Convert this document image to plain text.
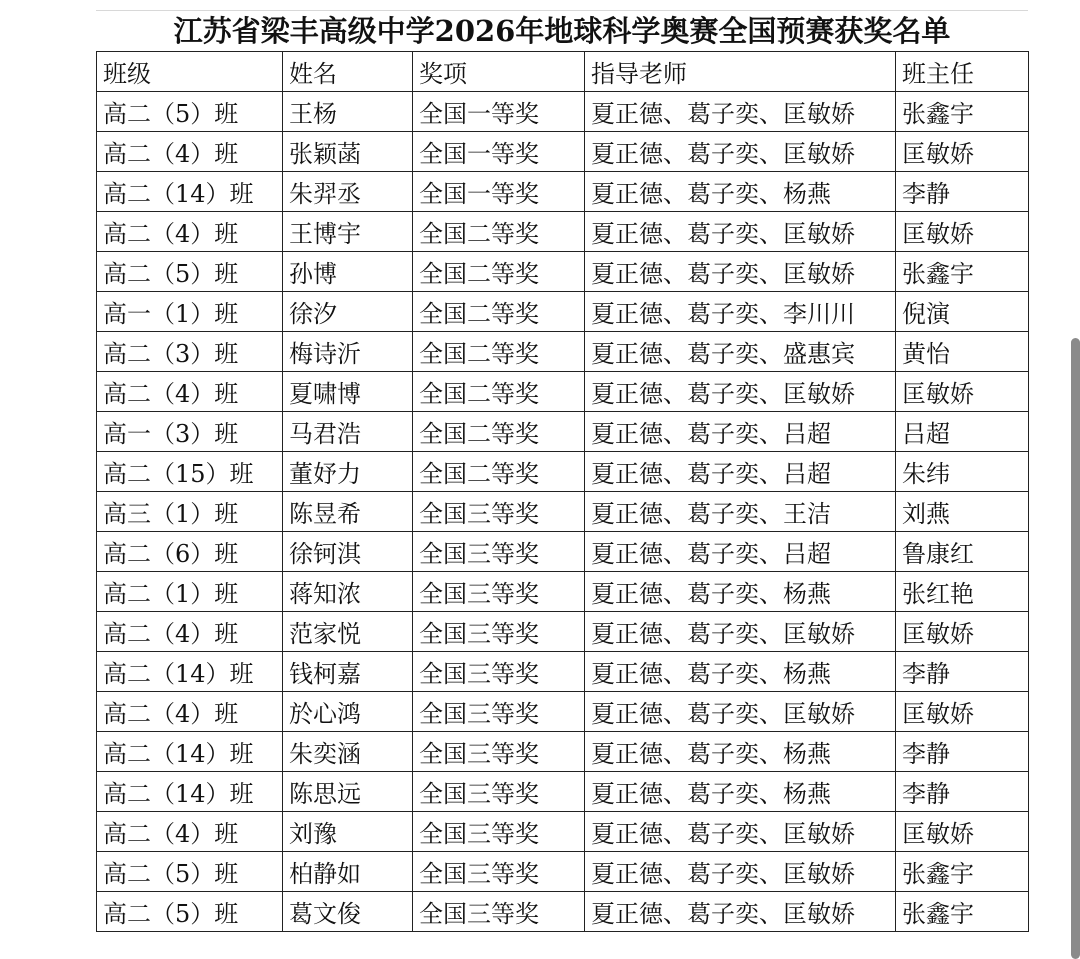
江苏省梁丰高级中学2026年地球科学奥赛全国预赛获奖名单
班级	姓名	奖项	指导老师	班主任
高二（5）班	王杨	全国一等奖	夏正德、葛子奕、匡敏娇	张鑫宇
高二（4）班	张颖菡	全国一等奖	夏正德、葛子奕、匡敏娇	匡敏娇
高二（14）班	朱羿丞	全国一等奖	夏正德、葛子奕、杨燕	李静
高二（4）班	王博宇	全国二等奖	夏正德、葛子奕、匡敏娇	匡敏娇
高二（5）班	孙博	全国二等奖	夏正德、葛子奕、匡敏娇	张鑫宇
高一（1）班	徐汐	全国二等奖	夏正德、葛子奕、李川川	倪演
高二（3）班	梅诗沂	全国二等奖	夏正德、葛子奕、盛惠宾	黄怡
高二（4）班	夏啸博	全国二等奖	夏正德、葛子奕、匡敏娇	匡敏娇
高一（3）班	马君浩	全国二等奖	夏正德、葛子奕、吕超	吕超
高二（15）班	董妤力	全国二等奖	夏正德、葛子奕、吕超	朱纬
高三（1）班	陈昱希	全国三等奖	夏正德、葛子奕、王洁	刘燕
高二（6）班	徐钶淇	全国三等奖	夏正德、葛子奕、吕超	鲁康红
高二（1）班	蒋知浓	全国三等奖	夏正德、葛子奕、杨燕	张红艳
高二（4）班	范家悦	全国三等奖	夏正德、葛子奕、匡敏娇	匡敏娇
高二（14）班	钱柯嘉	全国三等奖	夏正德、葛子奕、杨燕	李静
高二（4）班	於心鸿	全国三等奖	夏正德、葛子奕、匡敏娇	匡敏娇
高二（14）班	朱奕涵	全国三等奖	夏正德、葛子奕、杨燕	李静
高二（14）班	陈思远	全国三等奖	夏正德、葛子奕、杨燕	李静
高二（4）班	刘豫	全国三等奖	夏正德、葛子奕、匡敏娇	匡敏娇
高二（5）班	柏静如	全国三等奖	夏正德、葛子奕、匡敏娇	张鑫宇
高二（5）班	葛文俊	全国三等奖	夏正德、葛子奕、匡敏娇	张鑫宇
